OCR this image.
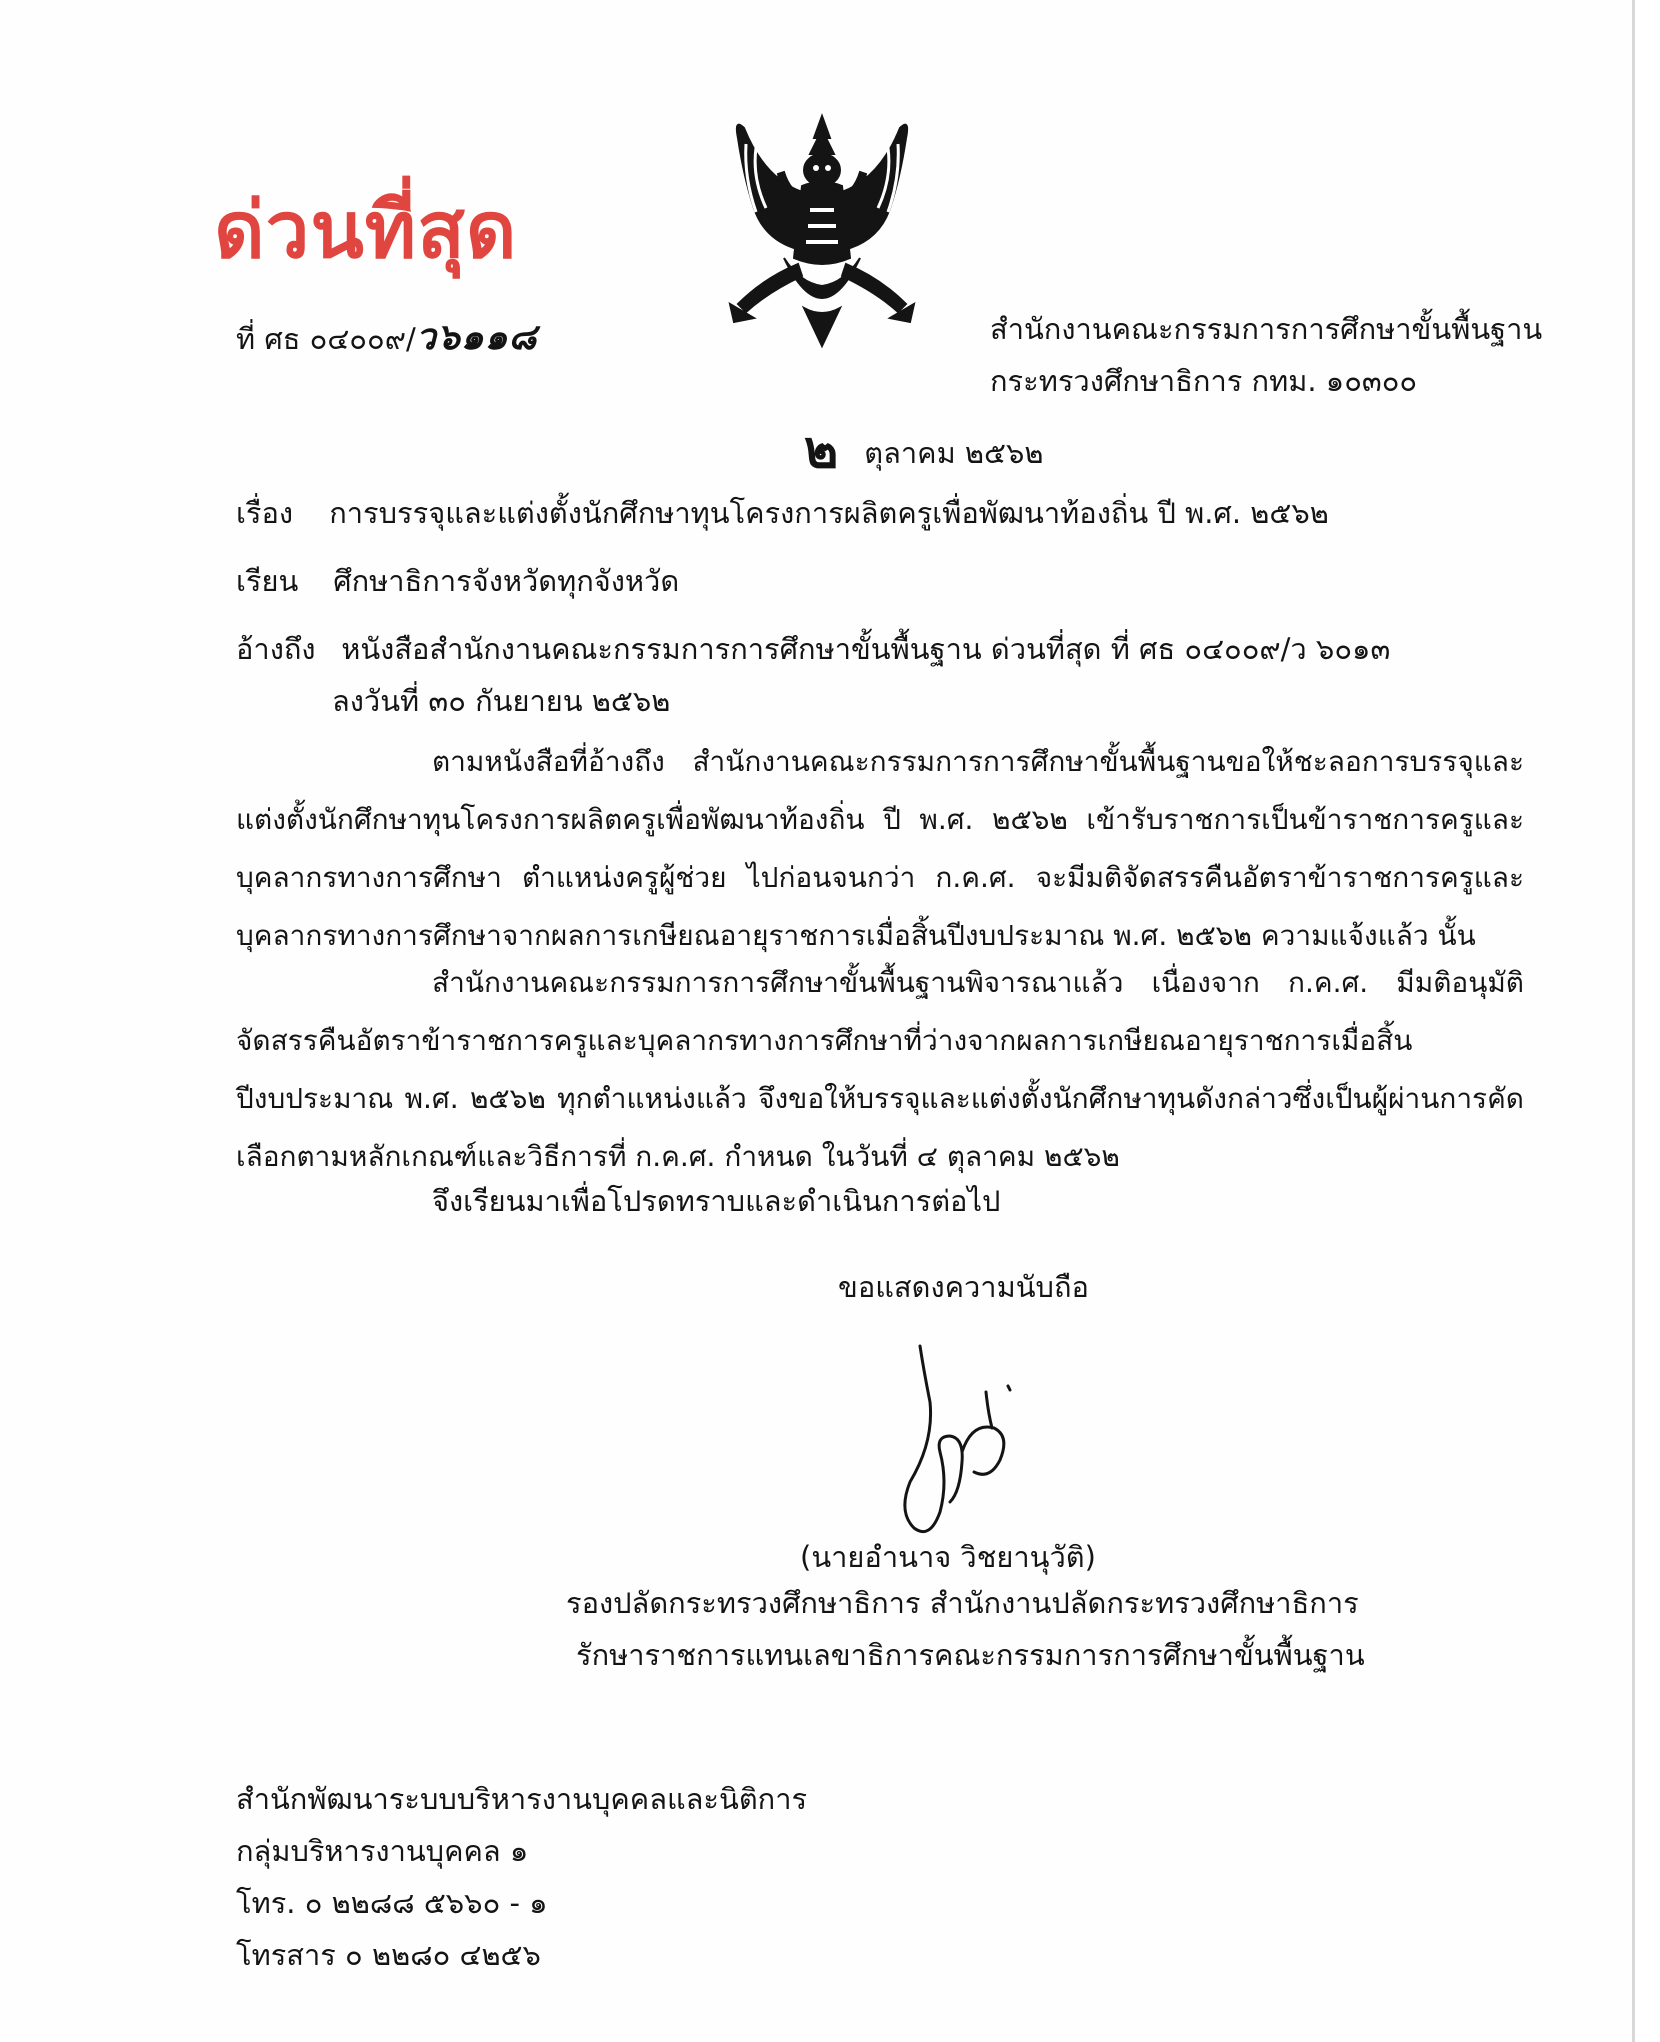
ด่วนที่สุด
ที่ ศธ ๐๔๐๐๙/ว๖๑๑๘	สำนักงานคณะกรรมการการศึกษาขั้นพื้นฐาน
กระทรวงศึกษาธิการ กทม. ๑๐๓๐๐
๒ ตุลาคม ๒๕๖๒
เรื่อง การบรรจุและแต่งตั้งนักศึกษาทุนโครงการผลิตครูเพื่อพัฒนาท้องถิ่น ปี พ.ศ. ๒๕๖๒
เรียน ศึกษาธิการจังหวัดทุกจังหวัด
อ้างถึง หนังสือสำนักงานคณะกรรมการการศึกษาขั้นพื้นฐาน ด่วนที่สุด ที่ ศธ ๐๔๐๐๙/ว ๖๐๑๓
ลงวันที่ ๓๐ กันยายน ๒๕๖๒
ตามหนังสือที่อ้างถึง สำนักงานคณะกรรมการการศึกษาขั้นพื้นฐานขอให้ชะลอการบรรจุและแต่งตั้งนักศึกษาทุนโครงการผลิตครูเพื่อพัฒนาท้องถิ่น ปี พ.ศ. ๒๕๖๒ เข้ารับราชการเป็นข้าราชการครูและบุคลากรทางการศึกษา ตำแหน่งครูผู้ช่วย ไปก่อนจนกว่า ก.ค.ศ. จะมีมติจัดสรรคืนอัตราข้าราชการครูและบุคลากรทางการศึกษาจากผลการเกษียณอายุราชการเมื่อสิ้นปีงบประมาณ พ.ศ. ๒๕๖๒ ความแจ้งแล้ว นั้น
สำนักงานคณะกรรมการการศึกษาขั้นพื้นฐานพิจารณาแล้ว เนื่องจาก ก.ค.ศ. มีมติอนุมัติจัดสรรคืนอัตราข้าราชการครูและบุคลากรทางการศึกษาที่ว่างจากผลการเกษียณอายุราชการเมื่อสิ้นปีงบประมาณ พ.ศ. ๒๕๖๒ ทุกตำแหน่งแล้ว จึงขอให้บรรจุและแต่งตั้งนักศึกษาทุนดังกล่าวซึ่งเป็นผู้ผ่านการคัดเลือกตามหลักเกณฑ์และวิธีการที่ ก.ค.ศ. กำหนด ในวันที่ ๔ ตุลาคม ๒๕๖๒
จึงเรียนมาเพื่อโปรดทราบและดำเนินการต่อไป
ขอแสดงความนับถือ
(นายอำนาจ วิชยานุวัติ)
รองปลัดกระทรวงศึกษาธิการ สำนักงานปลัดกระทรวงศึกษาธิการ
รักษาราชการแทนเลขาธิการคณะกรรมการการศึกษาขั้นพื้นฐาน
สำนักพัฒนาระบบบริหารงานบุคคลและนิติการ
กลุ่มบริหารงานบุคคล ๑
โทร. ๐ ๒๒๘๘ ๕๖๖๐ - ๑
โทรสาร ๐ ๒๒๘๐ ๔๒๕๖
